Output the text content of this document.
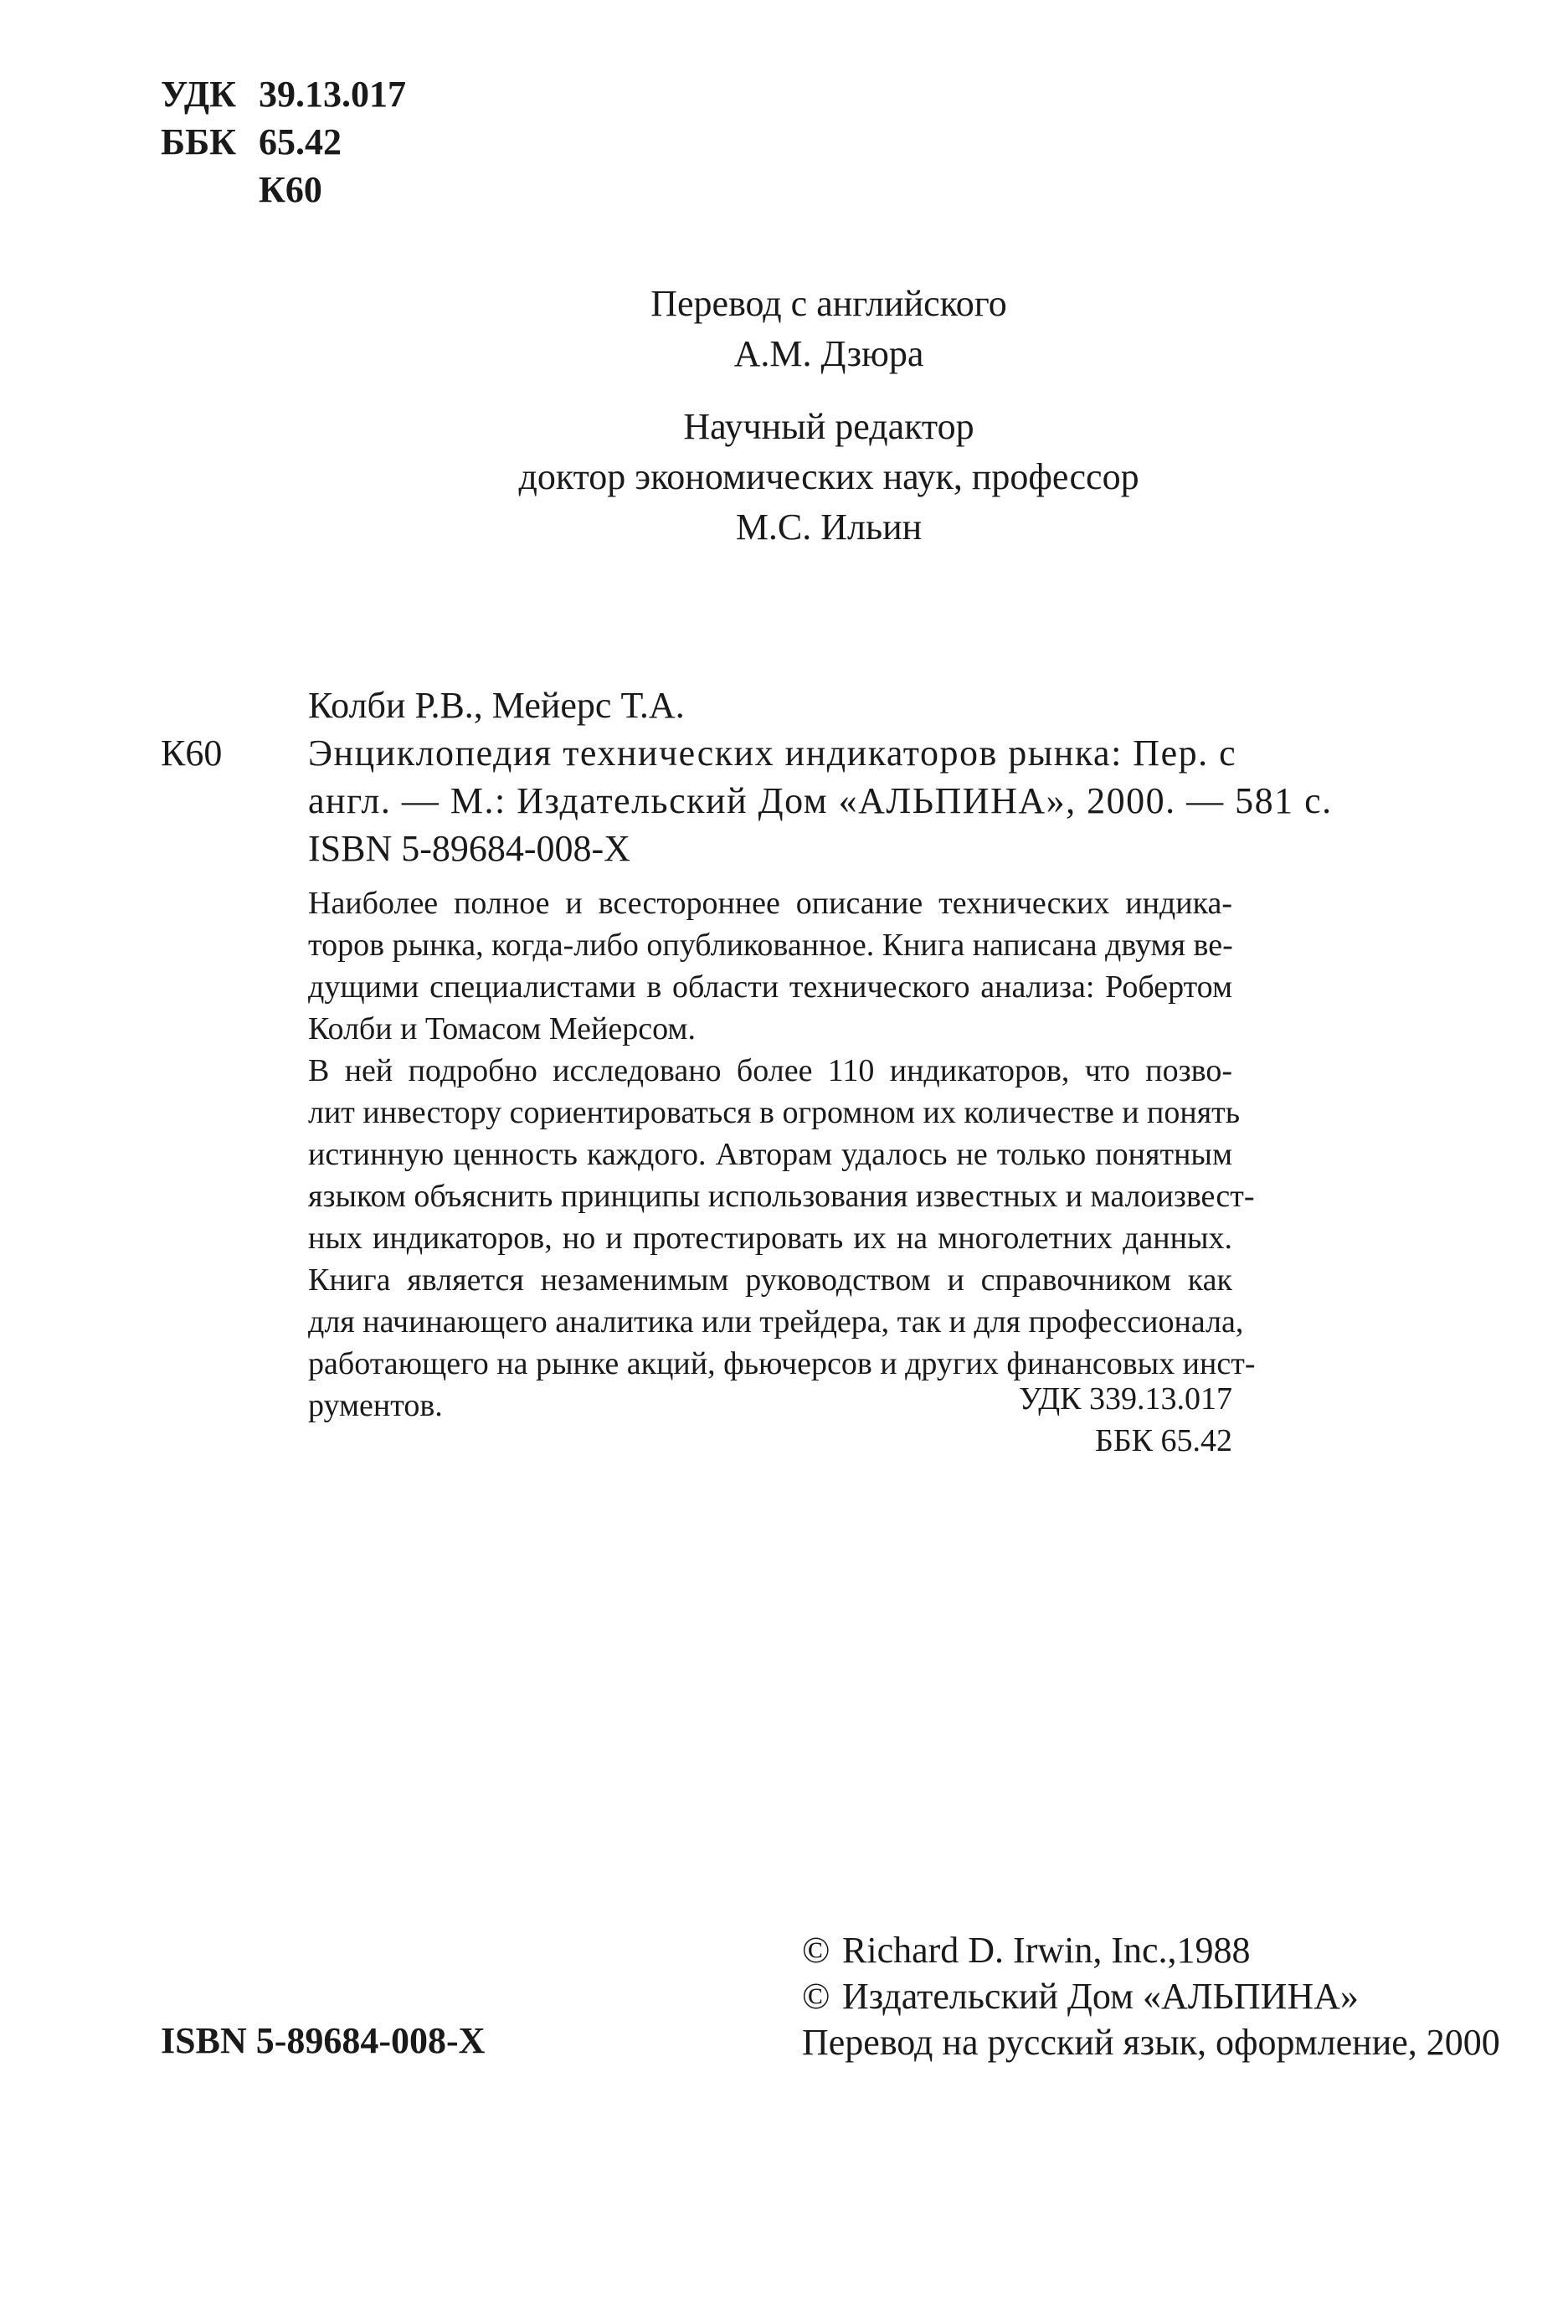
УДК 39.13.017
ББК 65.42
К60
Перевод с английского
А.М. Дзюра
Научный редактор
доктор экономических наук, профессор
М.С. Ильин
Колби Р.В., Мейерс Т.А.
К60 Энциклопедия технических индикаторов рынка: Пер. с
англ. — М.: Издательский Дом «АЛЬПИНА», 2000. — 581 с.
ISBN 5-89684-008-X

Наиболее полное и всестороннее описание технических индика-
торов рынка, когда-либо опубликованное. Книга написана двумя ве-
дущими специалистами в области технического анализа: Робертом
Колби и Томасом Мейерсом.

В ней подробно исследовано более 110 индикаторов, что позво-
лит инвестору сориентироваться в огромном их количестве и понять
истинную ценность каждого. Авторам удалось не только понятным
языком объяснить принципы использования известных и малоизвест-
ных индикаторов, но и протестировать их на многолетних данных.

Книга является незаменимым руководством и справочником как
для начинающего аналитика или трейдера, так и для профессионала,
работающего на рынке акций, фьючерсов и других финансовых инст-
рументов.	УДК 339.13.017
ББК 65.42
ISBN 5-89684-008-X
© Richard D. Irwin, Inc.,1988
© Издательский Дом «АЛЬПИНА»
Перевод на русский язык, оформление, 2000
